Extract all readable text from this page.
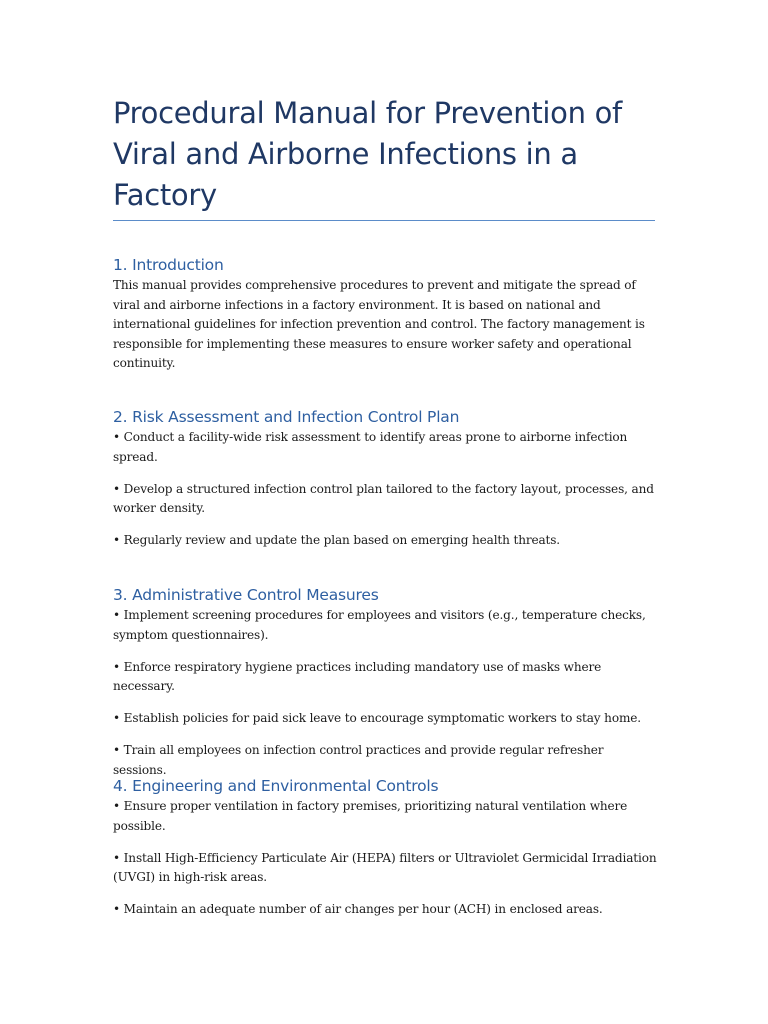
Procedural Manual for Prevention of Viral and Airborne Infections in a Factory
1. Introduction

This manual provides comprehensive procedures to prevent and mitigate the spread of viral and airborne infections in a factory environment. It is based on national and international guidelines for infection prevention and control. The factory management is responsible for implementing these measures to ensure worker safety and operational continuity.

2. Risk Assessment and Infection Control Plan
• Conduct a facility-wide risk assessment to identify areas prone to airborne infection spread.
• Develop a structured infection control plan tailored to the factory layout, processes, and worker density.
• Regularly review and update the plan based on emerging health threats.
3. Administrative Control Measures
• Implement screening procedures for employees and visitors (e.g., temperature checks, symptom questionnaires).
• Enforce respiratory hygiene practices including mandatory use of masks where necessary.
• Establish policies for paid sick leave to encourage symptomatic workers to stay home.
• Train all employees on infection control practices and provide regular refresher sessions.
4. Engineering and Environmental Controls
• Ensure proper ventilation in factory premises, prioritizing natural ventilation where possible.
• Install High-Efficiency Particulate Air (HEPA) filters or Ultraviolet Germicidal Irradiation (UVGI) in high-risk areas.
• Maintain an adequate number of air changes per hour (ACH) in enclosed areas.
